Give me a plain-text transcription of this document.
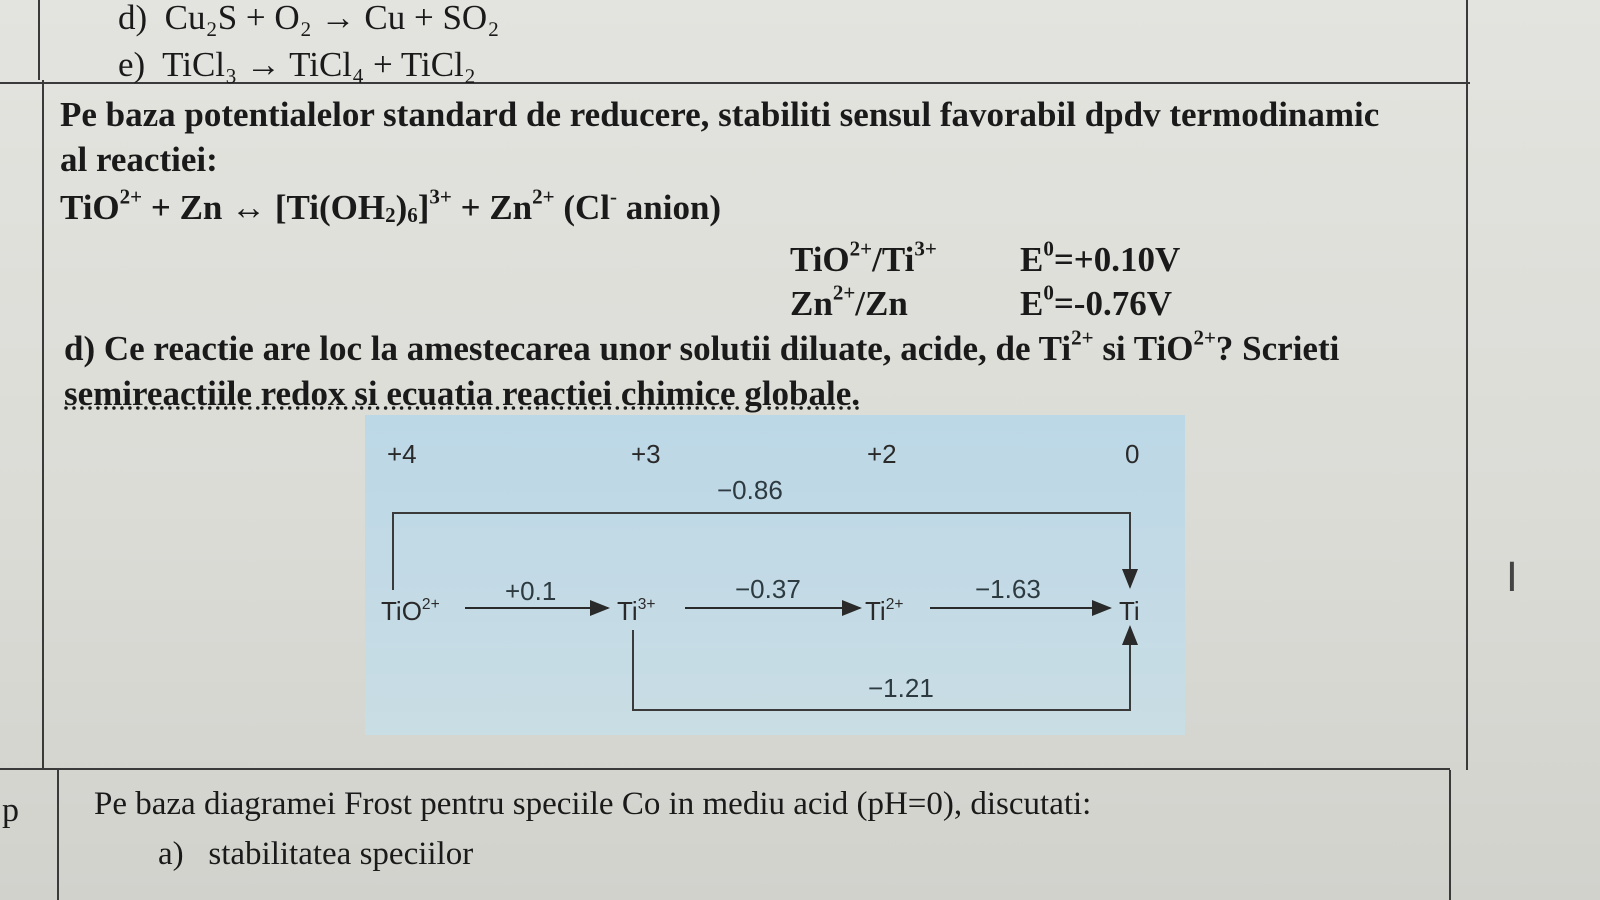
d) Cu₂S + O₂ → Cu + SO₂
e) TiCl₃ → TiCl₄ + TiCl₂
Pe baza potentialelor standard de reducere, stabiliti sensul favorabil dpdv termodinamic
al reactiei:
TiO$^{2+}$ + Zn ↔ $[Ti(OH_2)_6]^{3+} + Zn^{2+}$ (Cl- anion)
$TiO^{2+}/Ti^{3+}$ $E^0=+0.10V$
$Zn^{2+}/Zn$	$E^0=-0.76V$
d) Ce reactie are loc la amestecarea unor solutii diluate, acide, de $Ti^{2+}$ si TiO$^{2+}$? Scrieti
semireactiile redox si ecuatia reactiei chimice globale.
+4	+3	+2	0
−0.86
−1.21
TiO$^{2+}$	$Ti^{3+}$	$Ti^{2+}$	Ti
+0.1	−0.37	−1.63	I
p Pe baza diagramei Frost pentru speciile Co in mediu acid (pH=0), discutati:
a) stabilitatea speciilor
